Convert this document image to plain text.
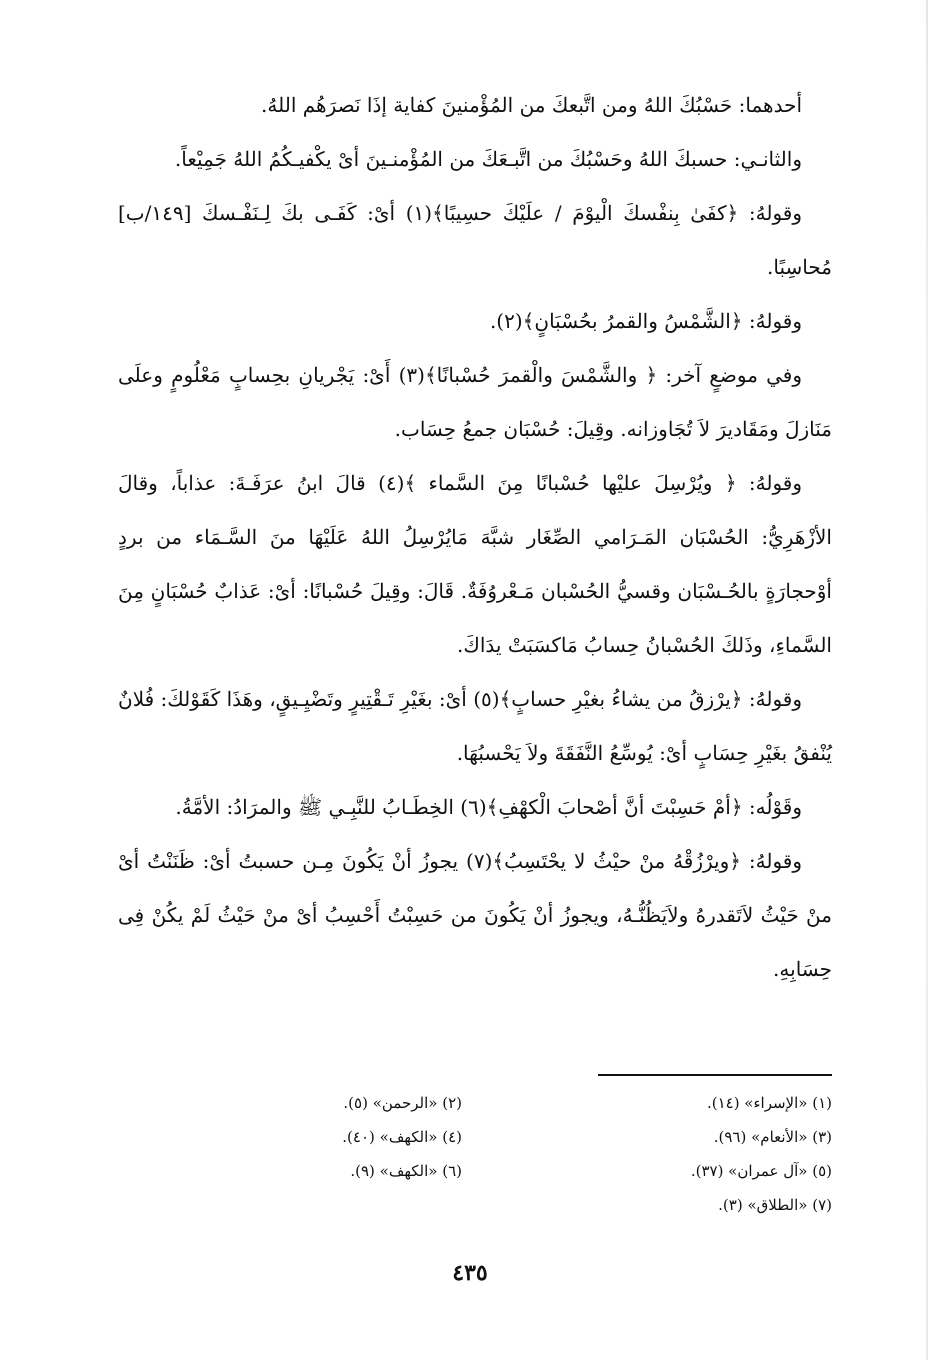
أحدهما: حَسْبُكَ اللهُ ومن اتَّبعكَ من المُؤْمنينَ كفاية إذَا نَصرَهُم اللهُ.

والثانـي: حسبكَ اللهُ وحَسْبُكَ من اتَّبـعَكَ من المُؤْمنـينَ أىْ يكْفيـكُمُ اللهُ جَمِيْعاً.

وقولهُ: ﴿كفَىٰ بِنفْسكَ الْيوْمَ / علَيْكَ حسِيبًا﴾(١) أىْ: كَفَـى بكَ لِـنَفْـسكَ [١٤٩/ب] مُحاسِبًا.

وقولهُ: ﴿الشَّمْسُ والقمرُ بحُسْبَانٍ﴾(٢).

وفي موضعٍ آخر: ﴿ والشَّمْسَ والْقمرَ حُسْبانًا﴾(٣) أَىْ: يَجْريانِ بحِسابٍ مَعْلُومٍ وعلَى مَنَازلَ ومَقَاديرَ لاَ تُجَاوزانه. وقِيلَ: حُسْبَان جمعُ حِسَاب.

وقولهُ: ﴿ ويُرْسِلَ عليْها حُسْبانًا مِنَ السَّماء ﴾(٤) قالَ ابنُ عرَفَـةَ: عذاباً، وقالَ الأزْهَرِيُّ: الحُسْبَان المَـرَامي الصِّغَار شبَّهَ مَايُرْسِلُ اللهُ عَلَيْهَا منَ السَّـمَاء من بردٍ أوْحجارَةٍ بالحُـسْبَان وقسيُّ الحُسْبان مَـعْروُفَةٌ. قَالَ: وقِيلَ حُسْبانًا: أىْ: عَذابٌ حُسْبَانٍ مِنَ السَّماءِ، وذَلكَ الحُسْبانُ حِسابُ مَاكسَبَتْ يدَاكَ.

وقولهُ: ﴿يرْزقُ من يشاءُ بغيْرِ حسابٍ﴾(٥) أىْ: بغَيْرِ تَـقْتِيرٍ وتَضْيِـيقٍ، وهَذَا كَقَوْلكَ: فُلانٌ يُنْفقُ بغَيْرِ حِسَابٍ أىْ: يُوسِّعُ النَّفَقَةَ ولاَ يَحْسبُهَا.

وقَوْلُه: ﴿أمْ حَسِبْتَ أنَّ أصْحابَ الْكهْفِ﴾(٦) الخِطَـابُ للنَّبِـي ﷺ والمرَادُ: الأمَّةُ.

وقولهُ: ﴿ويرْزُقْهُ منْ حيْثُ لا يحْتَسِبُ﴾(٧) يجوزُ أنْ يَكُونَ مِـن حسبتُ أىْ: ظَنَنْتُ أىْ منْ حَيْثُ لاَتَقدرهُ ولاَيَظُنُّـهُ، ويجوزُ أنْ يَكُونَ من حَسِبْتُ أَحْسِبُ أىْ منْ حَيْثُ لَمْ يكُنْ فِى حِسَابِهِ.

(١) «الإسراء» (١٤).
(٢) «الرحمن» (٥).
(٣) «الأنعام» (٩٦).
(٤) «الكهف» (٤٠).
(٥) «آل عمران» (٣٧).
(٦) «الكهف» (٩).
(٧) «الطلاق» (٣).
٤٣٥
